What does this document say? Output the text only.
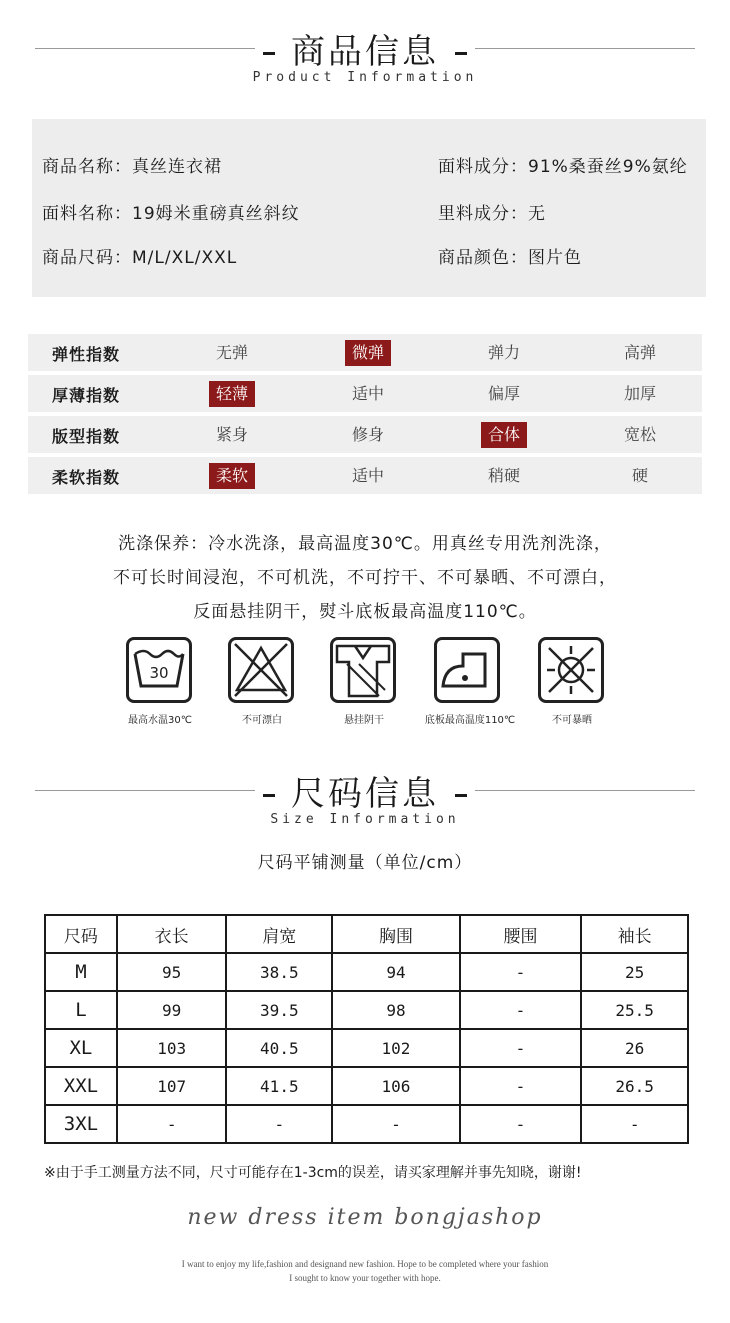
商品信息
Product Information
商品名称：真丝连衣裙
面料名称：19姆米重磅真丝斜纹
商品尺码：M/L/XL/XXL
面料成分：91%桑蚕丝9%氨纶
里料成分：无
商品颜色：图片色
弹性指数	无弹	微弹	弹力	高弹
厚薄指数	轻薄	适中	偏厚	加厚
版型指数	紧身	修身	合体	宽松
柔软指数	柔软	适中	稍硬	硬
洗涤保养：冷水洗涤，最高温度30℃。用真丝专用洗剂洗涤，
不可长时间浸泡，不可机洗，不可拧干、不可暴晒、不可漂白，
反面悬挂阴干，熨斗底板最高温度110℃。
30
最高水温30℃	不可漂白	悬挂阴干	底板最高温度110℃	不可暴晒
尺码信息
Size Information
尺码平铺测量（单位/cm）
尺码	衣长	肩宽	胸围	腰围	袖长
M	95	38.5	94	-	25
L	99	39.5	98	-	25.5
XL	103	40.5	102	-	26
XXL	107	41.5	106	-	26.5
3XL	-	-	-	-	-
※由于手工测量方法不同，尺寸可能存在1-3cm的误差，请买家理解并事先知晓，谢谢!
new dress item bongjashop
I want to enjoy my life,fashion and designand new fashion. Hope to be completed where your fashion
I sought to know your together with hope.
